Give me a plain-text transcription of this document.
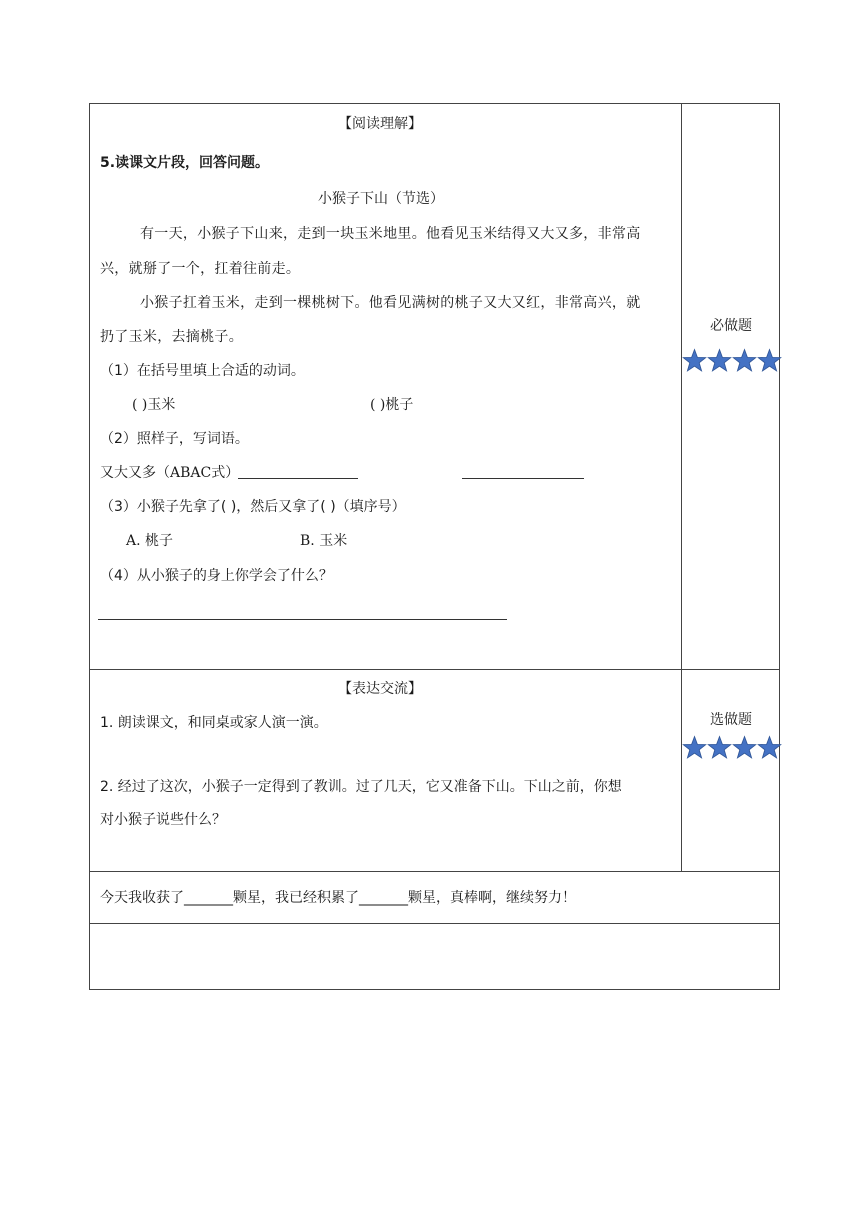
【阅读理解】
5.读课文片段，回答问题。
小猴子下山（节选）
有一天，小猴子下山来，走到一块玉米地里。他看见玉米结得又大又多，非常高
兴，就掰了一个，扛着往前走。
小猴子扛着玉米，走到一棵桃树下。他看见满树的桃子又大又红，非常高兴，就
扔了玉米，去摘桃子。
（1）在括号里填上合适的动词。
( )玉米	( )桃子
（2）照样子，写词语。
又大又多（ABAC式）
（3）小猴子先拿了( )，然后又拿了( )（填序号）
A. 桃子	B. 玉米
（4）从小猴子的身上你学会了什么？
必做题
【表达交流】
1. 朗读课文，和同桌或家人演一演。
2. 经过了这次，小猴子一定得到了教训。过了几天，它又准备下山。下山之前，你想
对小猴子说些什么？
选做题
今天我收获了_______颗星，我已经积累了_______颗星，真棒啊，继续努力！
